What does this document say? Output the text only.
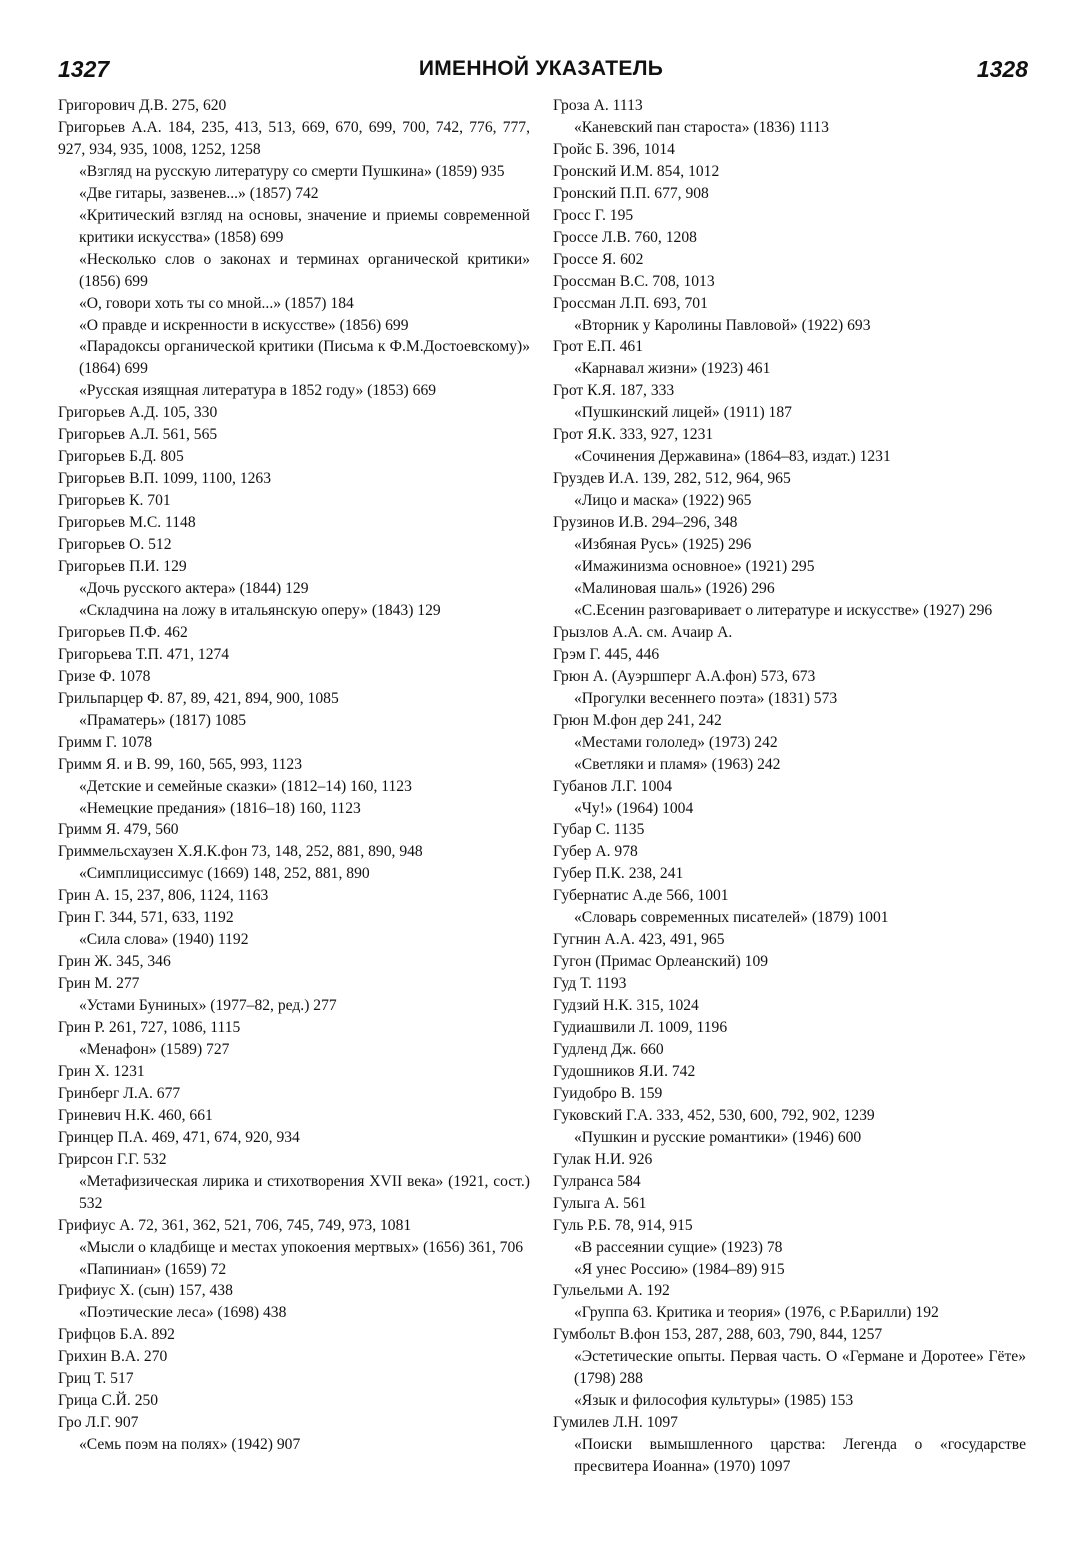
1327	ИМЕННОЙ УКАЗАТЕЛЬ	1328

Григорович Д.В. 275, 620

Григорьев А.А. 184, 235, 413, 513, 669, 670, 699, 700, 742, 776, 777, 927, 934, 935, 1008, 1252, 1258

«Взгляд на русскую литературу со смерти Пушкина» (1859) 935

«Две гитары, зазвенев...» (1857) 742

«Критический взгляд на основы, значение и приемы современной критики искусства» (1858) 699

«Несколько слов о законах и терминах органической критики» (1856) 699

«О, говори хоть ты со мной...» (1857) 184

«О правде и искренности в искусстве» (1856) 699

«Парадоксы органической критики (Письма к Ф.М.Достоевскому)» (1864) 699

«Русская изящная литература в 1852 году» (1853) 669

Григорьев А.Д. 105, 330

Григорьев А.Л. 561, 565

Григорьев Б.Д. 805

Григорьев В.П. 1099, 1100, 1263

Григорьев К. 701

Григорьев М.С. 1148

Григорьев О. 512

Григорьев П.И. 129

«Дочь русского актера» (1844) 129

«Складчина на ложу в итальянскую оперу» (1843) 129

Григорьев П.Ф. 462

Григорьева Т.П. 471, 1274

Гризе Ф. 1078

Грильпарцер Ф. 87, 89, 421, 894, 900, 1085

«Праматерь» (1817) 1085

Гримм Г. 1078

Гримм Я. и В. 99, 160, 565, 993, 1123

«Детские и семейные сказки» (1812–14) 160, 1123

«Немецкие предания» (1816–18) 160, 1123

Гримм Я. 479, 560

Гриммельсхаузен Х.Я.К.фон 73, 148, 252, 881, 890, 948

«Симплициссимус (1669) 148, 252, 881, 890

Грин А. 15, 237, 806, 1124, 1163

Грин Г. 344, 571, 633, 1192

«Сила слова» (1940) 1192

Грин Ж. 345, 346

Грин М. 277

«Устами Буниных» (1977–82, ред.) 277

Грин Р. 261, 727, 1086, 1115

«Менафон» (1589) 727

Грин Х. 1231

Гринберг Л.А. 677

Гриневич Н.К. 460, 661

Гринцер П.А. 469, 471, 674, 920, 934

Грирсон Г.Г. 532

«Метафизическая лирика и стихотворения XVII века» (1921, сост.) 532

Грифиус А. 72, 361, 362, 521, 706, 745, 749, 973, 1081

«Мысли о кладбище и местах упокоения мертвых» (1656) 361, 706

«Папиниан» (1659) 72

Грифиус Х. (сын) 157, 438

«Поэтические леса» (1698) 438

Грифцов Б.А. 892

Грихин В.А. 270

Гриц Т. 517

Грица С.Й. 250

Гро Л.Г. 907

«Семь поэм на полях» (1942) 907

Гроза А. 1113

«Каневский пан староста» (1836) 1113

Гройс Б. 396, 1014

Гронский И.М. 854, 1012

Гронский П.П. 677, 908

Гросс Г. 195

Гроссе Л.В. 760, 1208

Гроссе Я. 602

Гроссман В.С. 708, 1013

Гроссман Л.П. 693, 701

«Вторник у Каролины Павловой» (1922) 693

Грот Е.П. 461

«Карнавал жизни» (1923) 461

Грот К.Я. 187, 333

«Пушкинский лицей» (1911) 187

Грот Я.К. 333, 927, 1231

«Сочинения Державина» (1864–83, издат.) 1231

Груздев И.А. 139, 282, 512, 964, 965

«Лицо и маска» (1922) 965

Грузинов И.В. 294–296, 348

«Избяная Русь» (1925) 296

«Имажинизма основное» (1921) 295

«Малиновая шаль» (1926) 296

«С.Есенин разговаривает о литературе и искусстве» (1927) 296

Грызлов А.А. см. Ачаир А.

Грэм Г. 445, 446

Грюн А. (Ауэршперг А.А.фон) 573, 673

«Прогулки весеннего поэта» (1831) 573

Грюн М.фон дер 241, 242

«Местами гололед» (1973) 242

«Светляки и пламя» (1963) 242

Губанов Л.Г. 1004

«Чу!» (1964) 1004

Губар С. 1135

Губер А. 978

Губер П.К. 238, 241

Губернатис А.де 566, 1001

«Словарь современных писателей» (1879) 1001

Гугнин А.А. 423, 491, 965

Гугон (Примас Орлеанский) 109

Гуд Т. 1193

Гудзий Н.К. 315, 1024

Гудиашвили Л. 1009, 1196

Гудленд Дж. 660

Гудошников Я.И. 742

Гуидобро В. 159

Гуковский Г.А. 333, 452, 530, 600, 792, 902, 1239

«Пушкин и русские романтики» (1946) 600

Гулак Н.И. 926

Гулранса 584

Гулыга А. 561

Гуль Р.Б. 78, 914, 915

«В рассеянии сущие» (1923) 78

«Я унес Россию» (1984–89) 915

Гульельми А. 192

«Группа 63. Критика и теория» (1976, с Р.Барилли) 192

Гумбольт В.фон 153, 287, 288, 603, 790, 844, 1257

«Эстетические опыты. Первая часть. О «Германе и Доротее» Гёте» (1798) 288

«Язык и философия культуры» (1985) 153

Гумилев Л.Н. 1097

«Поиски вымышленного царства: Легенда о «государстве пресвитера Иоанна» (1970) 1097
